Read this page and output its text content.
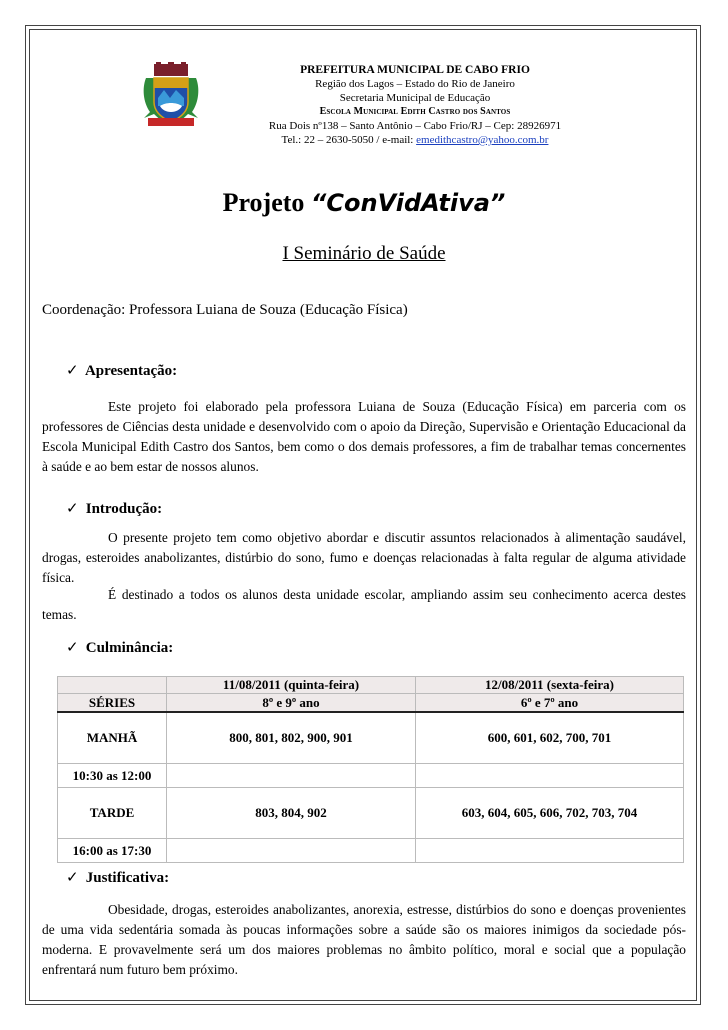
PREFEITURA MUNICIPAL DE CABO FRIO
Região dos Lagos – Estado do Rio de Janeiro
Secretaria Municipal de Educação
Escola Municipal Edith Castro dos Santos
Rua Dois nº138 – Santo Antônio – Cabo Frio/RJ – Cep: 28926971
Tel.: 22 – 2630-5050 / e-mail: emedithcastro@yahoo.com.br
Projeto “ConVidAtiva”
I Seminário de Saúde
Coordenação: Professora Luiana de Souza (Educação Física)
✓ Apresentação:
Este projeto foi elaborado pela professora Luiana de Souza (Educação Física) em parceria com os professores de Ciências desta unidade e desenvolvido com o apoio da Direção, Supervisão e Orientação Educacional da Escola Municipal Edith Castro dos Santos, bem como o dos demais professores, a fim de trabalhar temas concernentes à saúde e ao bem estar de nossos alunos.
✓ Introdução:
O presente projeto tem como objetivo abordar e discutir assuntos relacionados à alimentação saudável, drogas, esteroides anabolizantes, distúrbio do sono, fumo e doenças relacionadas à falta regular de alguma atividade física.
É destinado a todos os alunos desta unidade escolar, ampliando assim seu conhecimento acerca destes temas.
✓ Culminância:
	11/08/2011 (quinta-feira)	12/08/2011 (sexta-feira)
SÉRIES	8º e 9º ano	6º e 7º ano
MANHÃ	800, 801, 802, 900, 901	600, 601, 602, 700, 701
10:30 as 12:00		
TARDE	803, 804, 902	603, 604, 605, 606, 702, 703, 704
16:00 as 17:30		
✓ Justificativa:
Obesidade, drogas, esteroides anabolizantes, anorexia, estresse, distúrbios do sono e doenças provenientes de uma vida sedentária somada às poucas informações sobre a saúde são os maiores inimigos da sociedade pós-moderna. E provavelmente será um dos maiores problemas no âmbito político, moral e social que a população enfrentará num futuro bem próximo.
